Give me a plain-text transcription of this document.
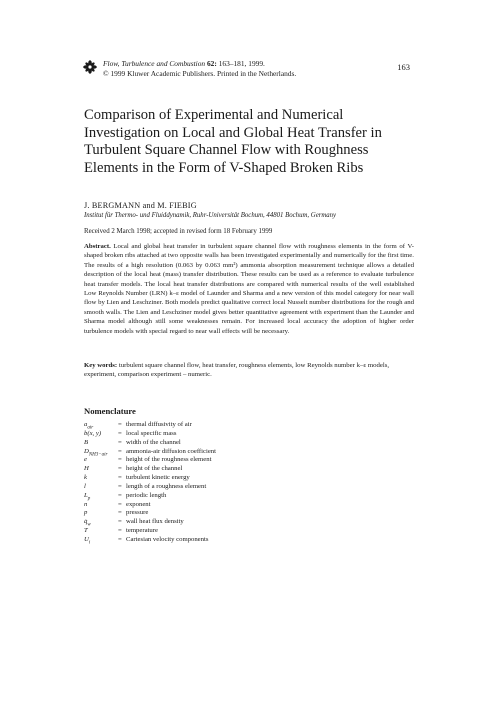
Flow, Turbulence and Combustion 62: 163–181, 1999.
© 1999 Kluwer Academic Publishers. Printed in the Netherlands.
163
Comparison of Experimental and Numerical Investigation on Local and Global Heat Transfer in Turbulent Square Channel Flow with Roughness Elements in the Form of V-Shaped Broken Ribs
J. BERGMANN and M. FIEBIG
Institut für Thermo- und Fluiddynamik, Ruhr-Universität Bochum, 44801 Bochum, Germany
Received 2 March 1998; accepted in revised form 18 February 1999

Abstract. Local and global heat transfer in turbulent square channel flow with roughness elements in the form of V-shaped broken ribs attached at two opposite walls has been investigated experimentally and numerically for the first time. The results of a high resolution (0.063 by 0.063 mm²) ammonia absorption measurement technique allows a detailed description of the local heat (mass) transfer distribution. These results can be used as a reference to evaluate turbulence heat transfer models. The local heat transfer distributions are compared with numerical results of the well established Low Reynolds Number (LRN) k–ε model of Launder and Sharma and a new version of this model category for near wall flow by Lien and Leschziner. Both models predict qualitative correct local Nusselt number distributions for the rough and smooth walls. The Lien and Leschziner model gives better quantitative agreement with experiment than the Launder and Sharma model although still some weaknesses remain. For increased local accuracy the adoption of higher order turbulence models with special regard to near wall effects will be necessary.

Key words: turbulent square channel flow, heat transfer, roughness elements, low Reynolds number k–ε models, experiment, comparison experiment – numeric.

Nomenclature
$a_{air}$	= thermal diffusivity of air
b(x, y)	= local specific mass
B	= width of the channel
$D_{NH3-air}$	= ammonia-air diffusion coefficient
e	= height of the roughness element
H	= height of the channel
k	= turbulent kinetic energy
l	= length of a roughness element
$L_p$	= periodic length
n	= exponent
p	= pressure
$q̇_w$	= wall heat flux density
T	= temperature
$U_i$	= Cartesian velocity components
